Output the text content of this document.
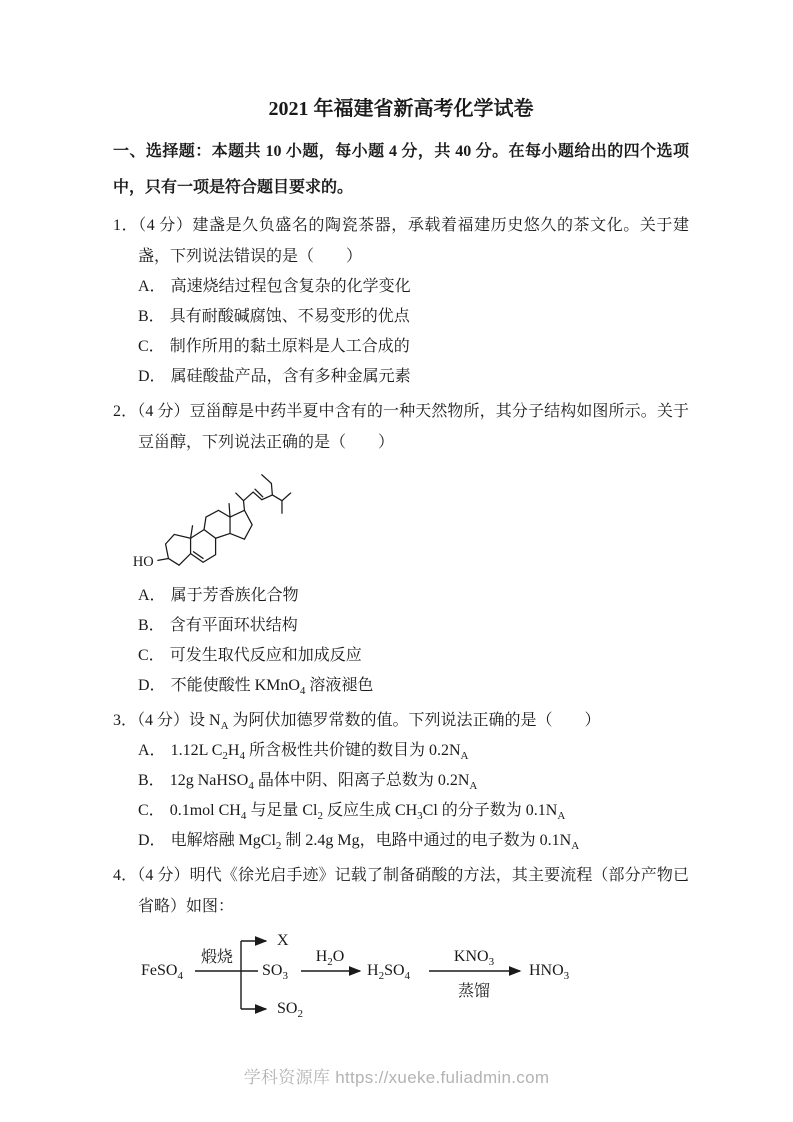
2021 年福建省新高考化学试卷

一、选择题：本题共 10 小题，每小题 4 分，共 40 分。在每小题给出的四个选项中，只有一项是符合题目要求的。

1．（4 分）建盏是久负盛名的陶瓷茶器，承载着福建历史悠久的茶文化。关于建盏，下列说法错误的是（　　）

A． 高速烧结过程包含复杂的化学变化
B． 具有耐酸碱腐蚀、不易变形的优点
C． 制作所用的黏土原料是人工合成的
D． 属硅酸盐产品，含有多种金属元素

2．（4 分）豆甾醇是中药半夏中含有的一种天然物所，其分子结构如图所示。关于豆甾醇，下列说法正确的是（　　）

HO
A． 属于芳香族化合物
B． 含有平面环状结构
C． 可发生取代反应和加成反应
D． 不能使酸性 KMnO$_4$ 溶液褪色

3．（4 分）设 $N_A$ 为阿伏加德罗常数的值。下列说法正确的是（　　）

A． 1.12L $C_2H_4$ 所含极性共价键的数目为 $0.2N_A$
B． 12g NaHSO$_4$ 晶体中阴、阳离子总数为 $0.2N_A$
C． 0.1mol $CH_4$ 与足量 $Cl_2$ 反应生成 $CH_3Cl$ 的分子数为 $0.1N_A$
D． 电解熔融 MgCl$_2$ 制 2.4g Mg，电路中通过的电子数为 $0.1N_A$

4．（4 分）明代《徐光启手迹》记载了制备硝酸的方法，其主要流程（部分产物已省略）如图：

FeSO$_4$
煅烧
X
$SO_3$
$SO_2$
$H_2O$
$H_2SO_4$
$KNO_3$
蒸馏
$HNO_3$
学科资源库 https://xueke.fuliadmin.com
